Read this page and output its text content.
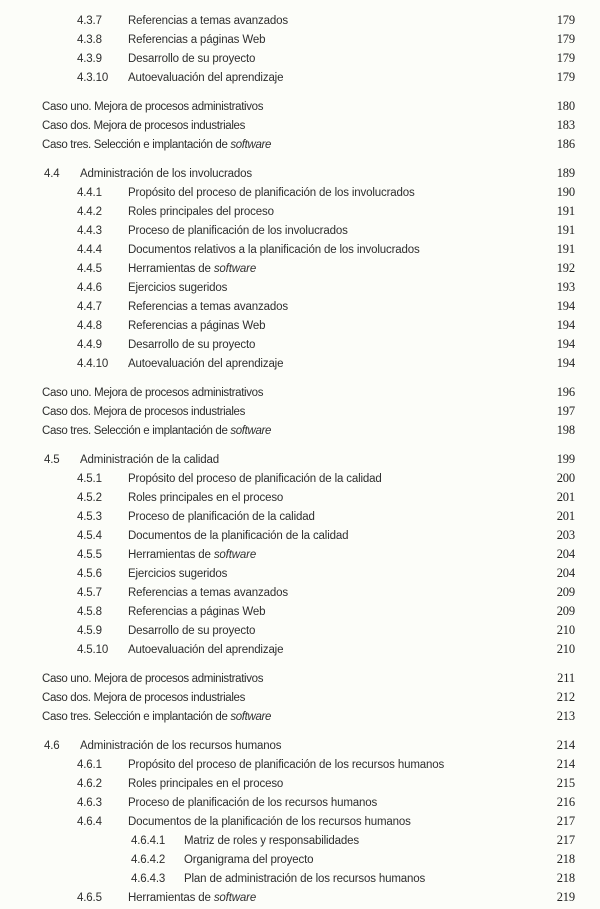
4.3.7	Referencias a temas avanzados	179
4.3.8	Referencias a páginas Web	179
4.3.9	Desarrollo de su proyecto	179
4.3.10	Autoevaluación del aprendizaje	179
Caso uno. Mejora de procesos administrativos	180
Caso dos. Mejora de procesos industriales	183
Caso tres. Selección e implantación de software	186
4.4	Administración de los involucrados	189
4.4.1	Propósito del proceso de planificación de los involucrados	190
4.4.2	Roles principales del proceso	191
4.4.3	Proceso de planificación de los involucrados	191
4.4.4	Documentos relativos a la planificación de los involucrados	191
4.4.5	Herramientas de software	192
4.4.6	Ejercicios sugeridos	193
4.4.7	Referencias a temas avanzados	194
4.4.8	Referencias a páginas Web	194
4.4.9	Desarrollo de su proyecto	194
4.4.10	Autoevaluación del aprendizaje	194
Caso uno. Mejora de procesos administrativos	196
Caso dos. Mejora de procesos industriales	197
Caso tres. Selección e implantación de software	198
4.5	Administración de la calidad	199
4.5.1	Propósito del proceso de planificación de la calidad	200
4.5.2	Roles principales en el proceso	201
4.5.3	Proceso de planificación de la calidad	201
4.5.4	Documentos de la planificación de la calidad	203
4.5.5	Herramientas de software	204
4.5.6	Ejercicios sugeridos	204
4.5.7	Referencias a temas avanzados	209
4.5.8	Referencias a páginas Web	209
4.5.9	Desarrollo de su proyecto	210
4.5.10	Autoevaluación del aprendizaje	210
Caso uno. Mejora de procesos administrativos	211
Caso dos. Mejora de procesos industriales	212
Caso tres. Selección e implantación de software	213
4.6	Administración de los recursos humanos	214
4.6.1	Propósito del proceso de planificación de los recursos humanos	214
4.6.2	Roles principales en el proceso	215
4.6.3	Proceso de planificación de los recursos humanos	216
4.6.4	Documentos de la planificación de los recursos humanos	217
4.6.4.1	Matriz de roles y responsabilidades	217
4.6.4.2	Organigrama del proyecto	218
4.6.4.3	Plan de administración de los recursos humanos	218
4.6.5	Herramientas de software	219
